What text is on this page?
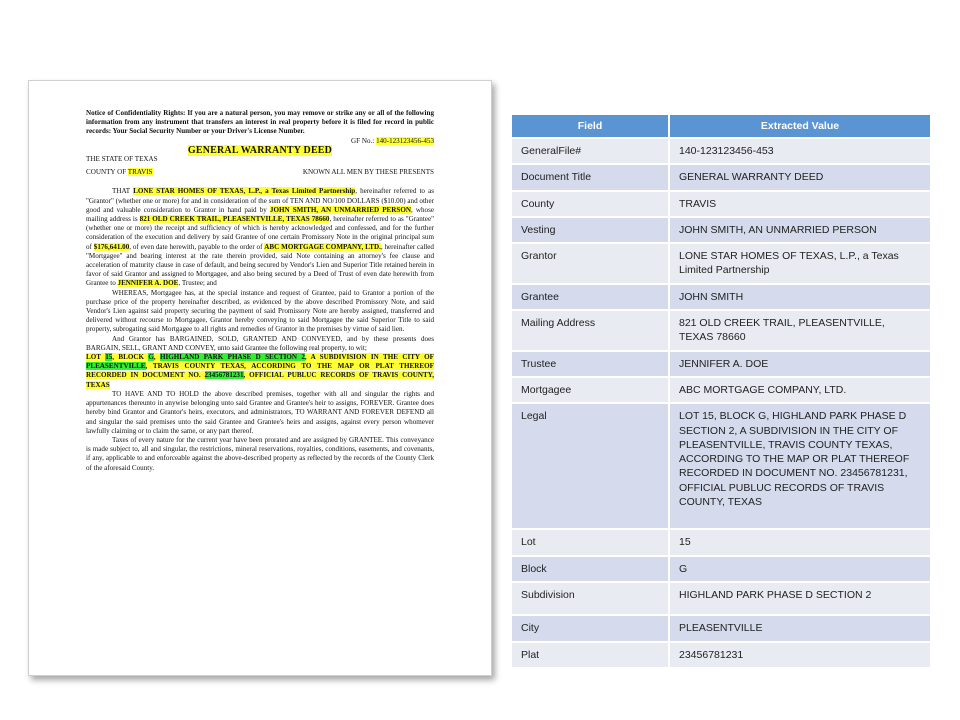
Notice of Confidentiality Rights: If you are a natural person, you may remove or strike any or all of the following information from any instrument that transfers an interest in real property before it is filed for record in public records: Your Social Security Number or your Driver's License Number.

GF No.: 140-123123456-453

GENERAL WARRANTY DEED

THE STATE OF TEXAS

COUNTY OF TRAVIS	KNOWN ALL MEN BY THESE PRESENTS

THAT LONE STAR HOMES OF TEXAS, L.P., a Texas Limited Partnership, hereinafter referred to as "Grantor" (whether one or more) for and in consideration of the sum of TEN AND NO/100 DOLLARS ($10.00) and other good and valuable consideration to Grantor in hand paid by JOHN SMITH, AN UNMARRIED PERSON, whose mailing address is 821 OLD CREEK TRAIL, PLEASENTVILLE, TEXAS 78660, hereinafter referred to as "Grantee" (whether one or more) the receipt and sufficiency of which is hereby acknowledged and confessed, and for the further consideration of the execution and delivery by said Grantee of one certain Promissory Note in the original principal sum of $176,641.00, of even date herewith, payable to the order of ABC MORTGAGE COMPANY, LTD., hereinafter called "Mortgagee" and bearing interest at the rate therein provided, said Note containing an attorney's fee clause and acceleration of maturity clause in case of default, and being secured by Vendor's Lien and Superior Title retained herein in favor of said Grantor and assigned to Mortgagee, and also being secured by a Deed of Trust of even date herewith from Grantee to JENNIFER A. DOE, Trustee; and

WHEREAS, Mortgagee has, at the special instance and request of Grantee, paid to Grantor a portion of the purchase price of the property hereinafter described, as evidenced by the above described Promissory Note, and said Vendor's Lien against said property securing the payment of said Promissory Note are hereby assigned, transferred and delivered without recourse to Mortgagee, Grantor hereby conveying to said Mortgagee the said Superior Title to said property, subrogating said Mortgagee to all rights and remedies of Grantor in the premises by virtue of said lien.

And Grantor has BARGAINED, SOLD, GRANTED AND CONVEYED, and by these presents does BARGAIN, SELL, GRANT AND CONVEY, unto said Grantee the following real property, to wit;

LOT 15, BLOCK G, HIGHLAND PARK PHASE D SECTION 2, A SUBDIVISION IN THE CITY OF PLEASENTVILLE, TRAVIS COUNTY TEXAS, ACCORDING TO THE MAP OR PLAT THEREOF RECORDED IN DOCUMENT NO. 23456781231, OFFICIAL PUBLUC RECORDS OF TRAVIS COUNTY, TEXAS

TO HAVE AND TO HOLD the above described premises, together with all and singular the rights and appurtenances thereunto in anywise belonging unto said Grantee and Grantee's heir to assigns, FOREVER. Grantee does hereby bind Grantor and Grantor's heirs, executors, and administrators, TO WARRANT AND FOREVER DEFEND all and singular the said premises unto the said Grantee and Grantee's heirs and assigns, against every person whomever lawfully claiming or to claim the same, or any part thereof.

Taxes of every nature for the current year have been prorated and are assigned by GRANTEE. This conveyance is made subject to, all and singular, the restrictions, mineral reservations, royalties, conditions, easements, and covenants, if any, applicable to and enforceable against the above-described property as reflected by the records of the County Clerk of the aforesaid County.

Field	Extracted Value
GeneralFile#	140-123123456-453
Document Title	GENERAL WARRANTY DEED
County	TRAVIS
Vesting	JOHN SMITH, AN UNMARRIED PERSON
Grantor	LONE STAR HOMES OF TEXAS, L.P., a Texas Limited Partnership
Grantee	JOHN SMITH
Mailing Address	821 OLD CREEK TRAIL, PLEASENTVILLE, TEXAS 78660
Trustee	JENNIFER A. DOE
Mortgagee	ABC MORTGAGE COMPANY, LTD.
Legal	LOT 15, BLOCK G, HIGHLAND PARK PHASE D SECTION 2, A SUBDIVISION IN THE CITY OF PLEASENTVILLE, TRAVIS COUNTY TEXAS, ACCORDING TO THE MAP OR PLAT THEREOF RECORDED IN DOCUMENT NO. 23456781231, OFFICIAL PUBLUC RECORDS OF TRAVIS COUNTY, TEXAS
Lot	15
Block	G
Subdivision	HIGHLAND PARK PHASE D SECTION 2
City	PLEASENTVILLE
Plat	23456781231
